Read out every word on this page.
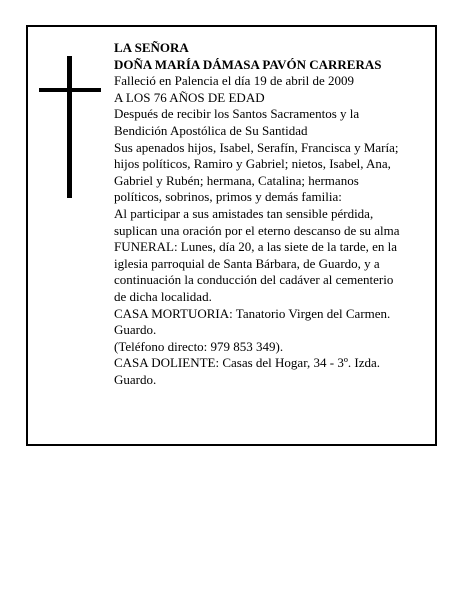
LA SEÑORA
DOÑA MARÍA DÁMASA PAVÓN CARRERAS
Falleció en Palencia el día 19 de abril de 2009
A LOS 76 AÑOS DE EDAD
Después de recibir los Santos Sacramentos y la
Bendición Apostólica de Su Santidad
Sus apenados hijos, Isabel, Serafín, Francisca y María;
hijos políticos, Ramiro y Gabriel; nietos, Isabel, Ana,
Gabriel y Rubén; hermana, Catalina; hermanos
políticos, sobrinos, primos y demás familia:
Al participar a sus amistades tan sensible pérdida,
suplican una oración por el eterno descanso de su alma
FUNERAL: Lunes, día 20, a las siete de la tarde, en la
iglesia parroquial de Santa Bárbara, de Guardo, y a
continuación la conducción del cadáver al cementerio
de dicha localidad.
CASA MORTUORIA: Tanatorio Virgen del Carmen.
Guardo.
(Teléfono directo: 979 853 349).
CASA DOLIENTE: Casas del Hogar, 34 - 3º. Izda.
Guardo.
